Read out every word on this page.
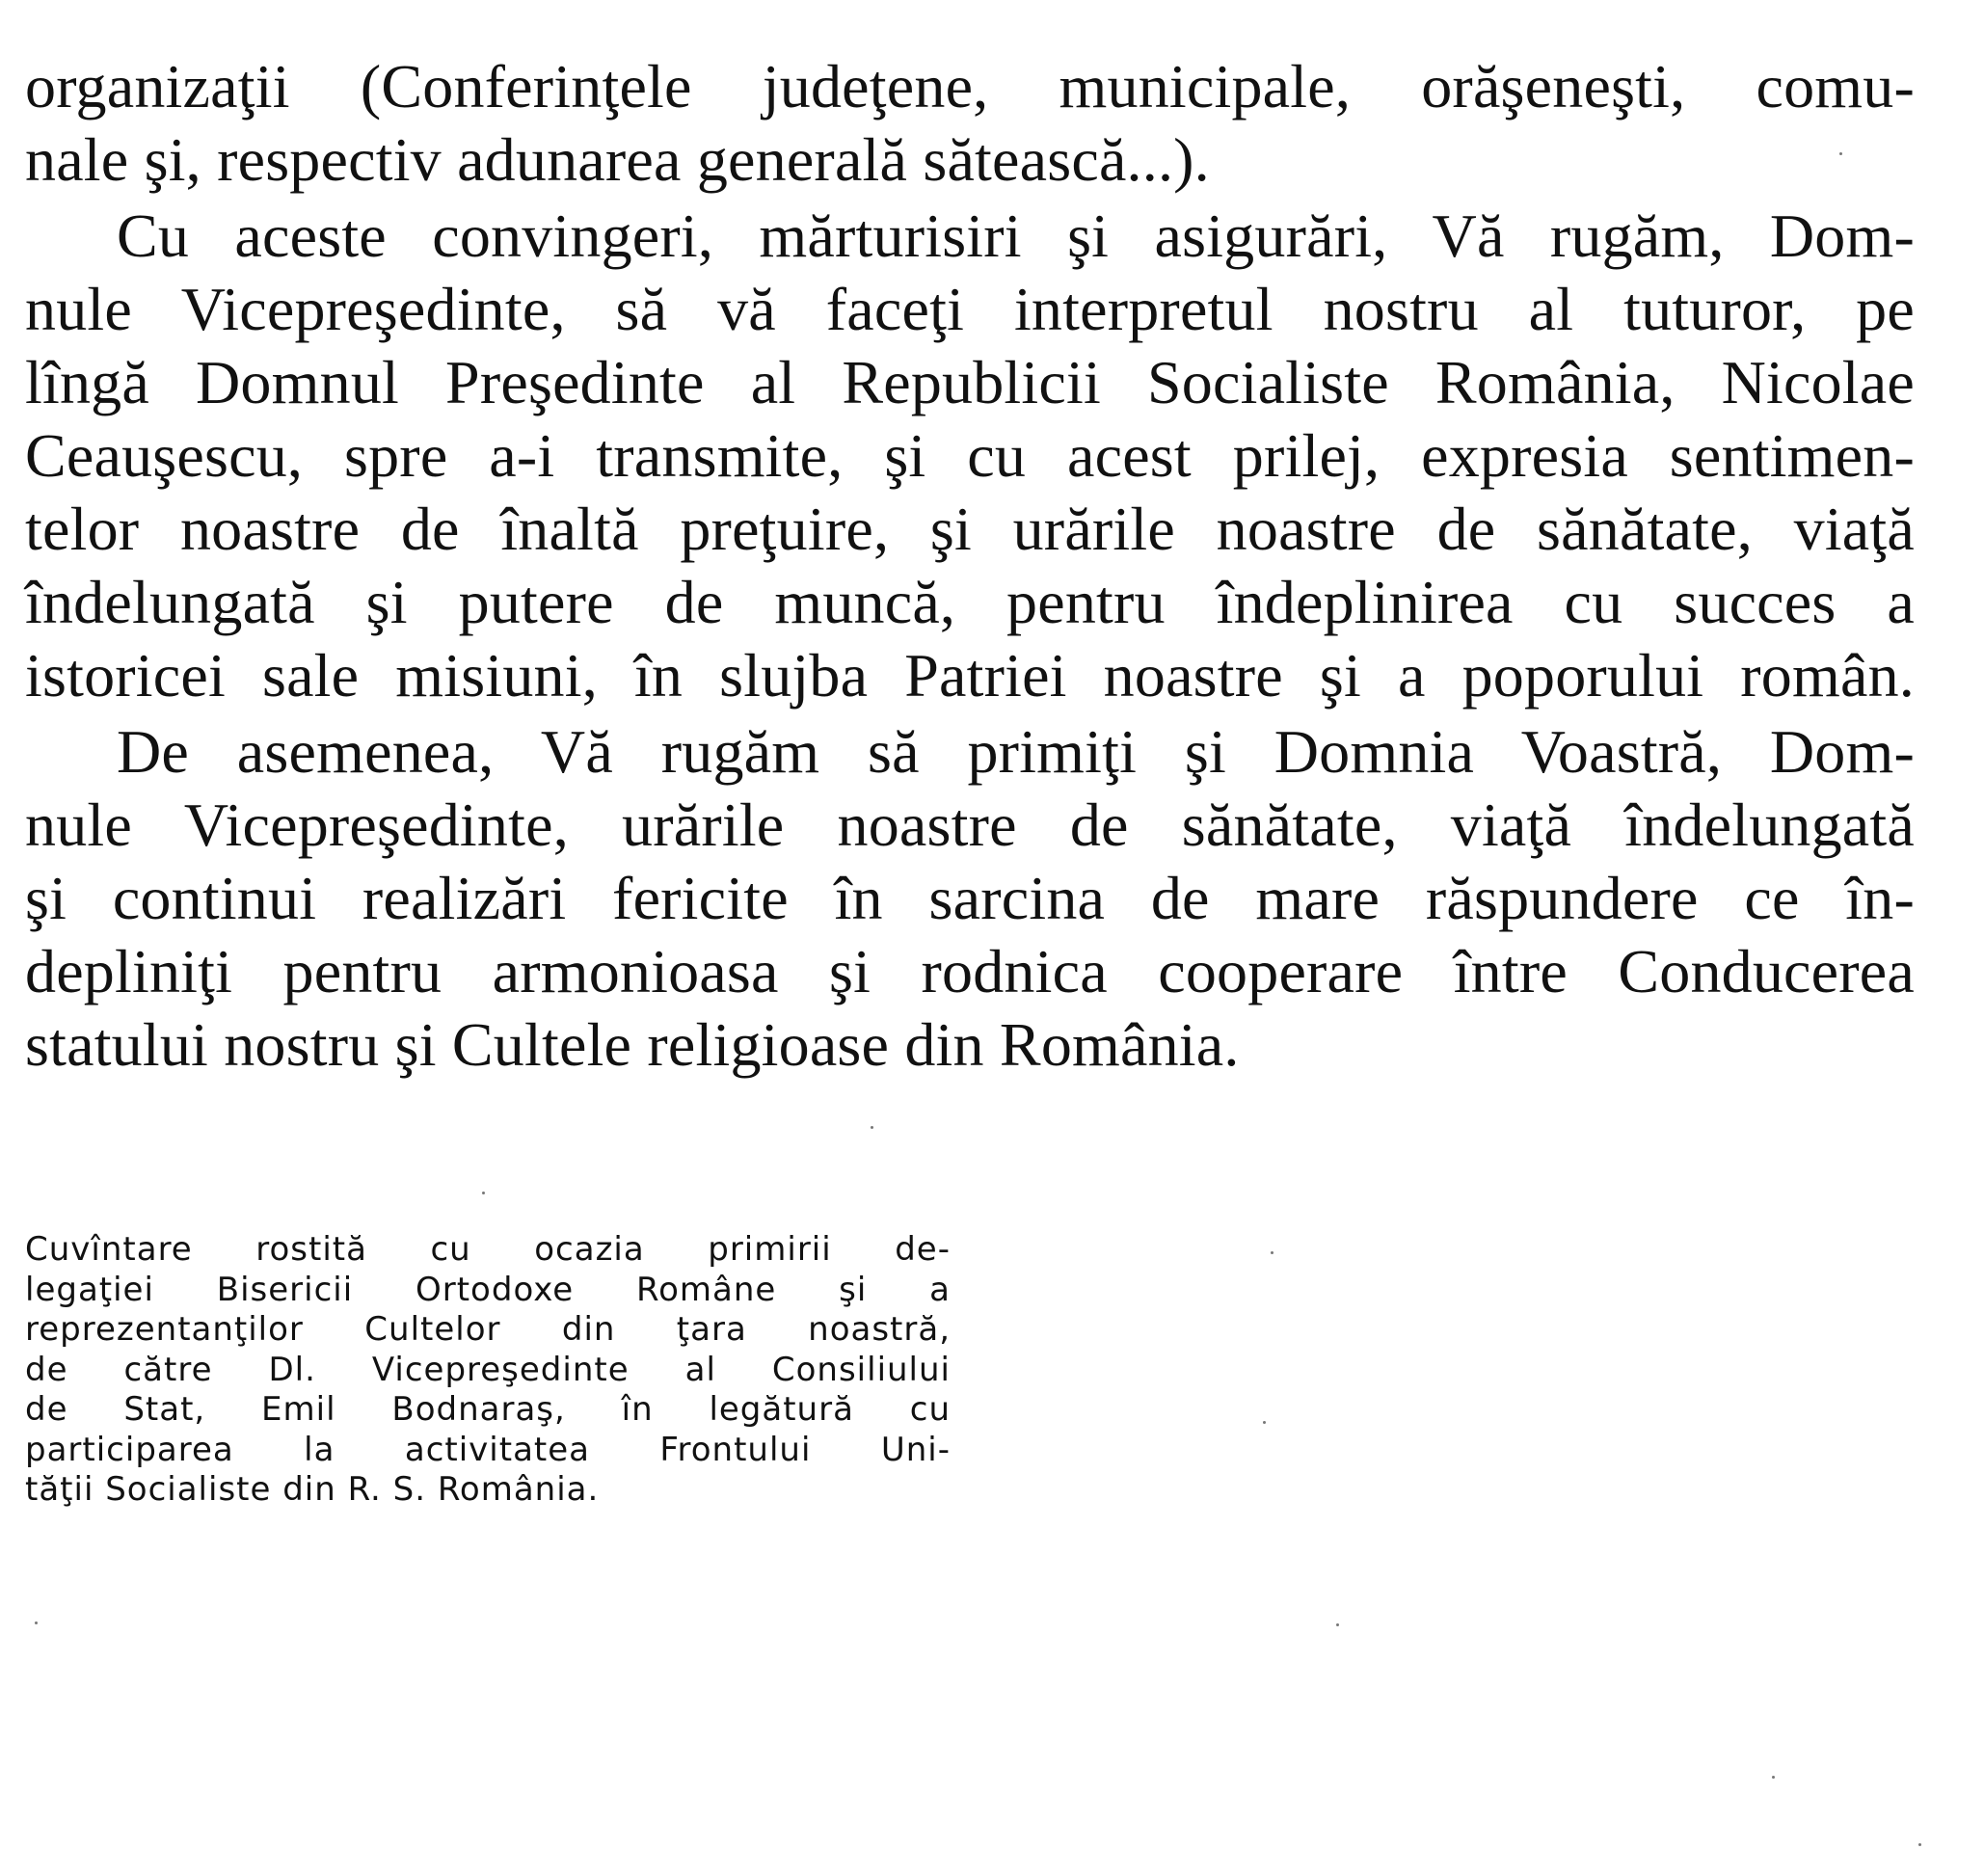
organizaţii (Conferinţele judeţene, municipale, orăşeneşti, comu-
nale şi, respectiv adunarea generală sătească...).
Cu aceste convingeri, mărturisiri şi asigurări, Vă rugăm, Dom-
nule Vicepreşedinte, să vă faceţi interpretul nostru al tuturor, pe
lîngă Domnul Preşedinte al Republicii Socialiste România, Nicolae
Ceauşescu, spre a-i transmite, şi cu acest prilej, expresia sentimen-
telor noastre de înaltă preţuire, şi urările noastre de sănătate, viaţă
îndelungată şi putere de muncă, pentru îndeplinirea cu succes a
istoricei sale misiuni, în slujba Patriei noastre şi a poporului român.
De asemenea, Vă rugăm să primiţi şi Domnia Voastră, Dom-
nule Vicepreşedinte, urările noastre de sănătate, viaţă îndelungată
şi continui realizări fericite în sarcina de mare răspundere ce în-
depliniţi pentru armonioasa şi rodnica cooperare între Conducerea
statului nostru şi Cultele religioase din România.
Cuvîntare rostită cu ocazia primirii de-
legaţiei Bisericii Ortodoxe Române şi a
reprezentanţilor Cultelor din ţara noastră,
de către Dl. Vicepreşedinte al Consiliului
de Stat, Emil Bodnaraş, în legătură cu
participarea la activitatea Frontului Uni-
tăţii Socialiste din R. S. România.
